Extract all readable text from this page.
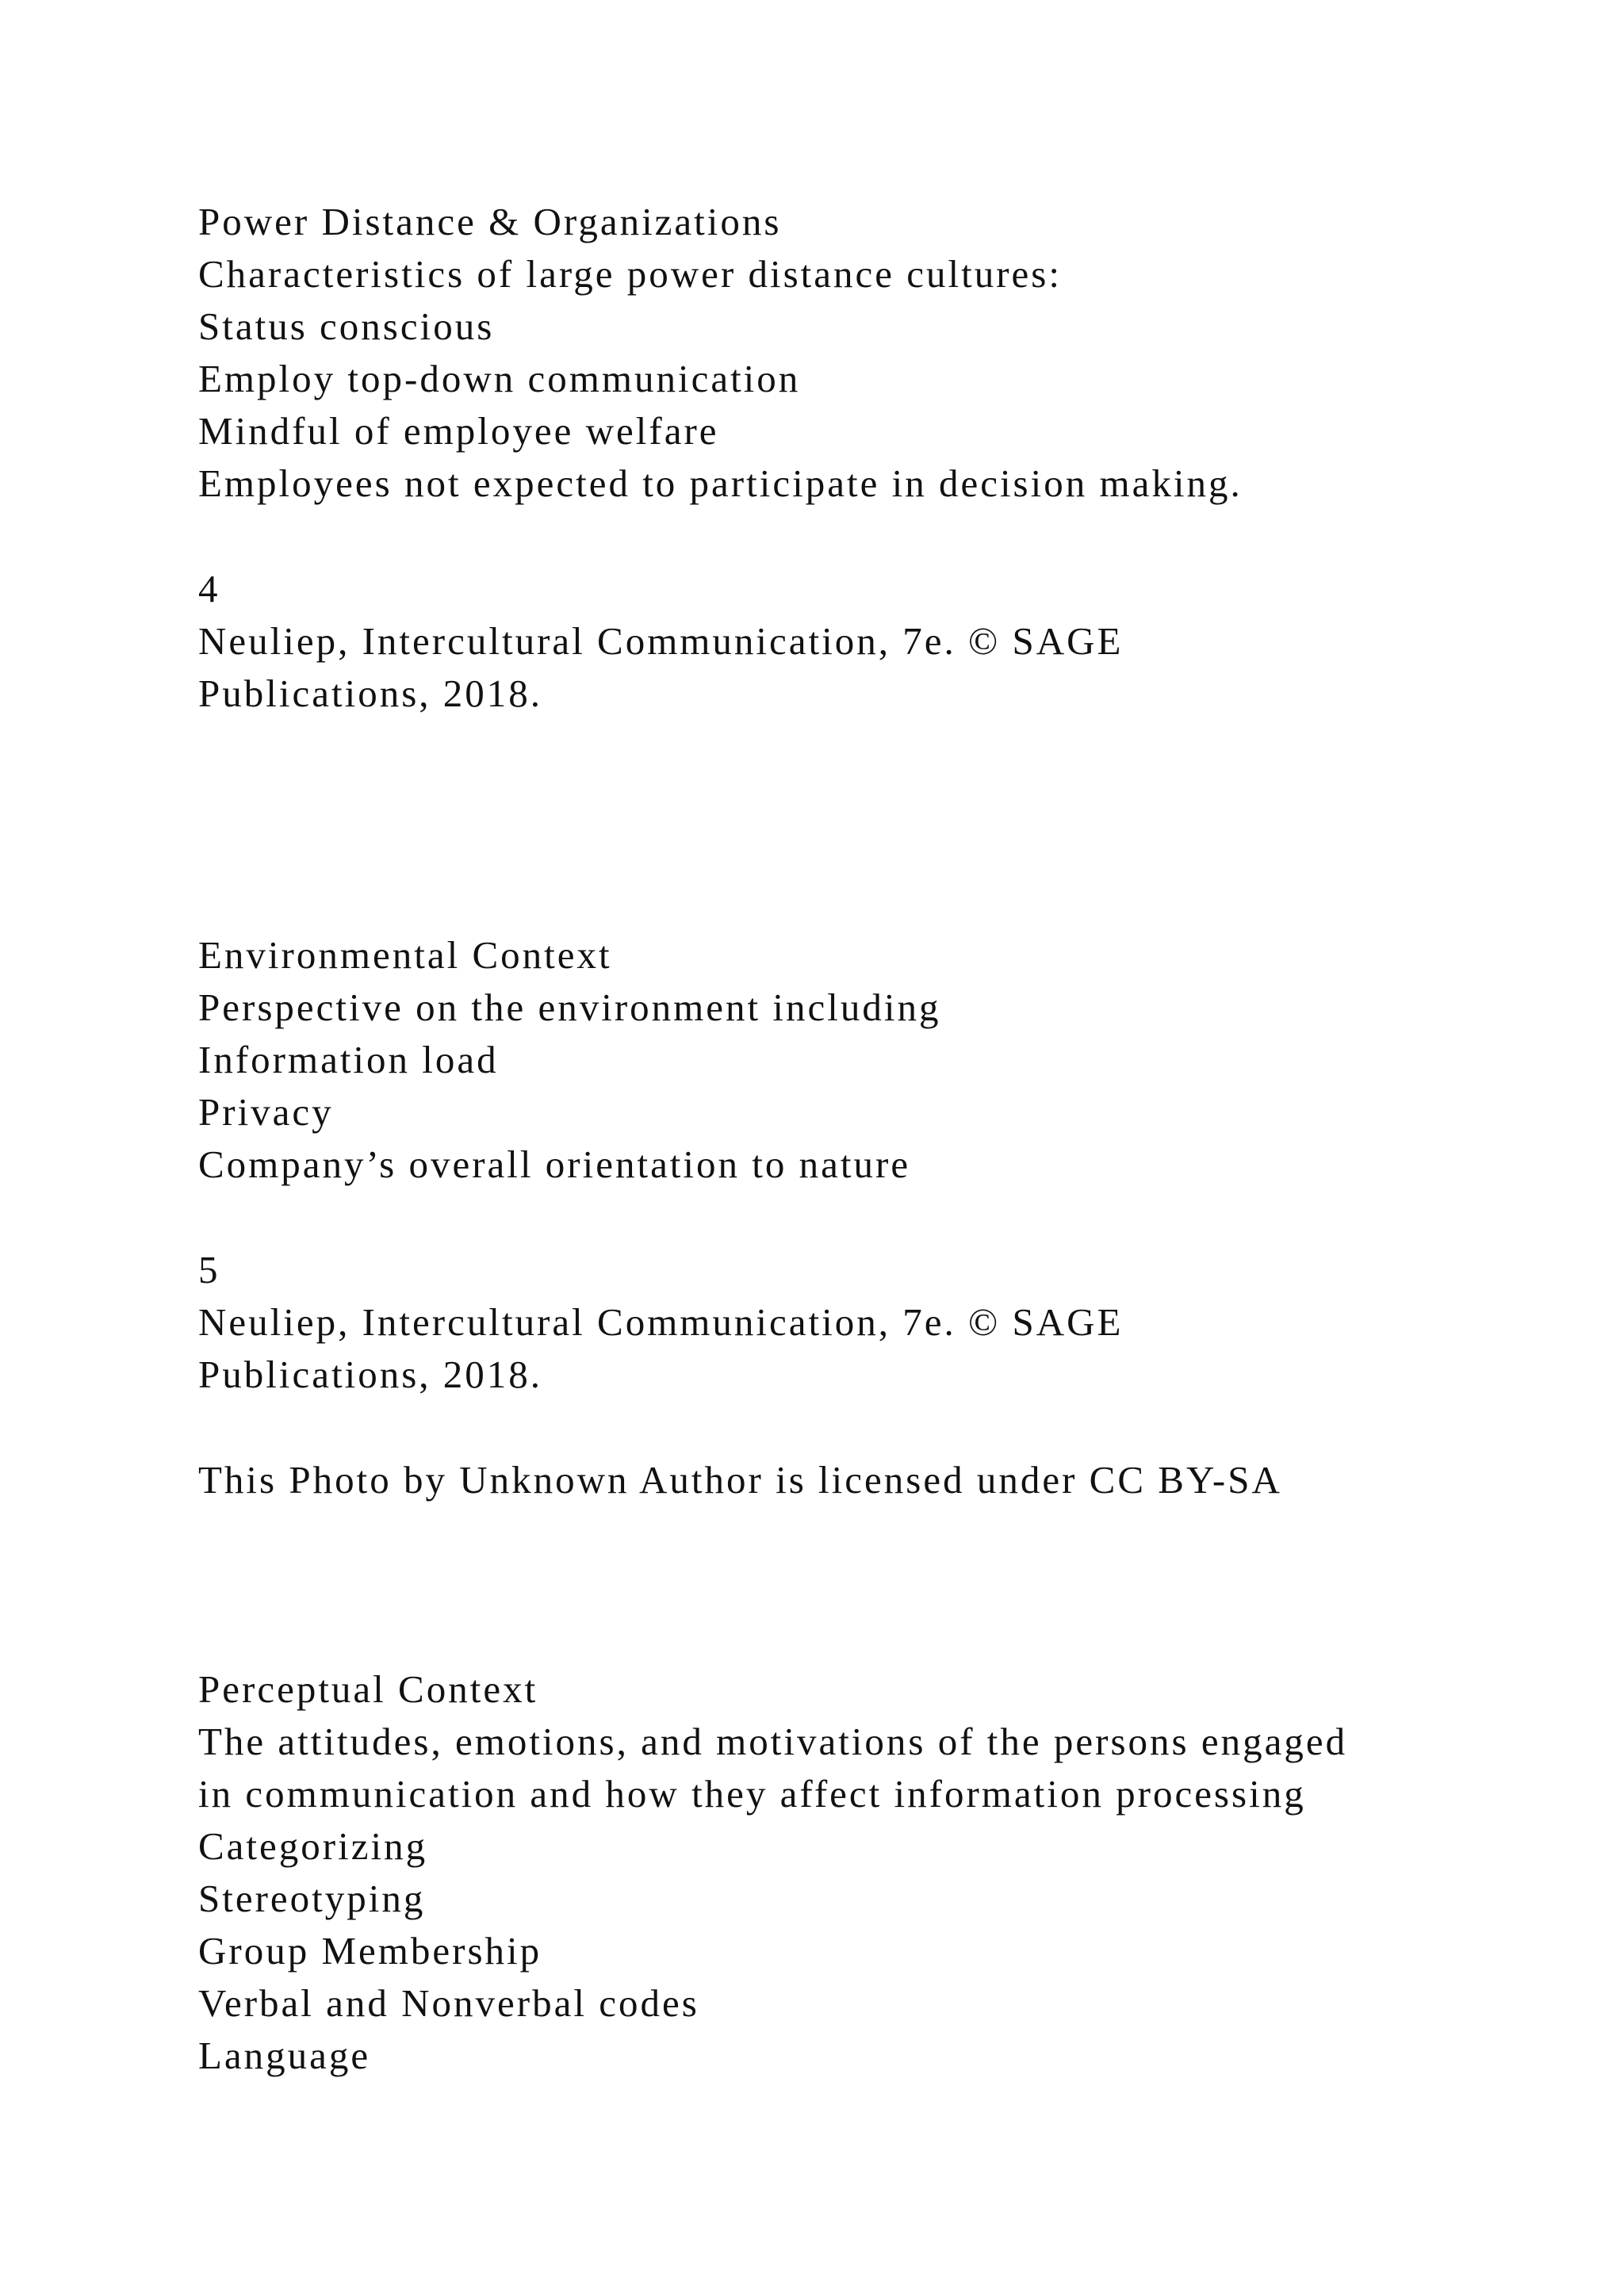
Power Distance & Organizations
Characteristics of large power distance cultures:
Status conscious
Employ top-down communication
Mindful of employee welfare
Employees not expected to participate in decision making.
4
Neuliep, Intercultural Communication, 7e. © SAGE
Publications, 2018.
Environmental Context
Perspective on the environment including
Information load
Privacy
Company’s overall orientation to nature
5
Neuliep, Intercultural Communication, 7e. © SAGE
Publications, 2018.
This Photo by Unknown Author is licensed under CC BY-SA
Perceptual Context
The attitudes, emotions, and motivations of the persons engaged
in communication and how they affect information processing
Categorizing
Stereotyping
Group Membership
Verbal and Nonverbal codes
Language
